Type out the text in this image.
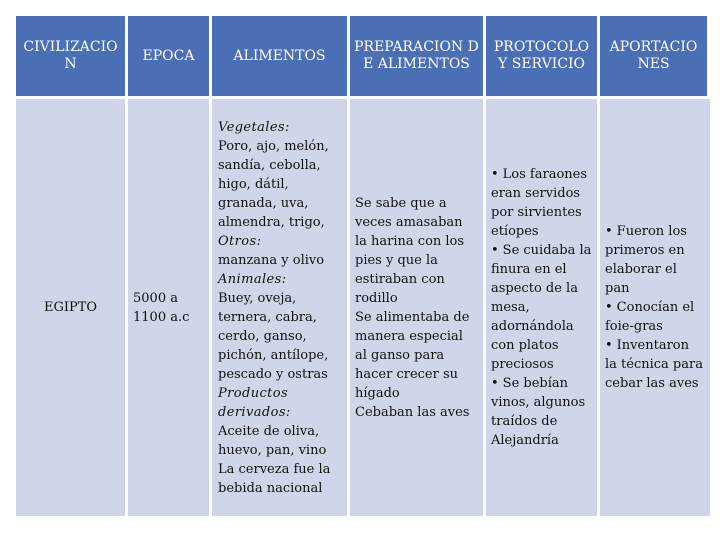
CIVILIZACION
EPOCA	ALIMENTOS
PREPARACION DE ALIMENTOS
PROTOCOLO Y SERVICIO
APORTACIONES
EGIPTO
5000 a 1100 a.c
Vegetales:
Poro, ajo, melón, sandía, cebolla, higo, dátil, granada, uva, almendra, trigo,
Otros:
manzana y olivo
Animales:
Buey, oveja, ternera, cabra, cerdo, ganso, pichón, antílope, pescado y ostras
Productos derivados:
Aceite de oliva, huevo, pan, vino
La cerveza fue la bebida nacional
Se sabe que a veces amasaban la harina con los pies y que la estiraban con rodillo
Se alimentaba de manera especial al ganso para hacer crecer su hígado
Cebaban las aves
• Los faraones eran servidos por sirvientes etíopes
• Se cuidaba la finura en el aspecto de la mesa, adornándola con platos preciosos
• Se bebían vinos, algunos traídos de Alejandría
• Fueron los primeros en elaborar el pan
• Conocían el foie-gras
• Inventaron la técnica para cebar las aves
